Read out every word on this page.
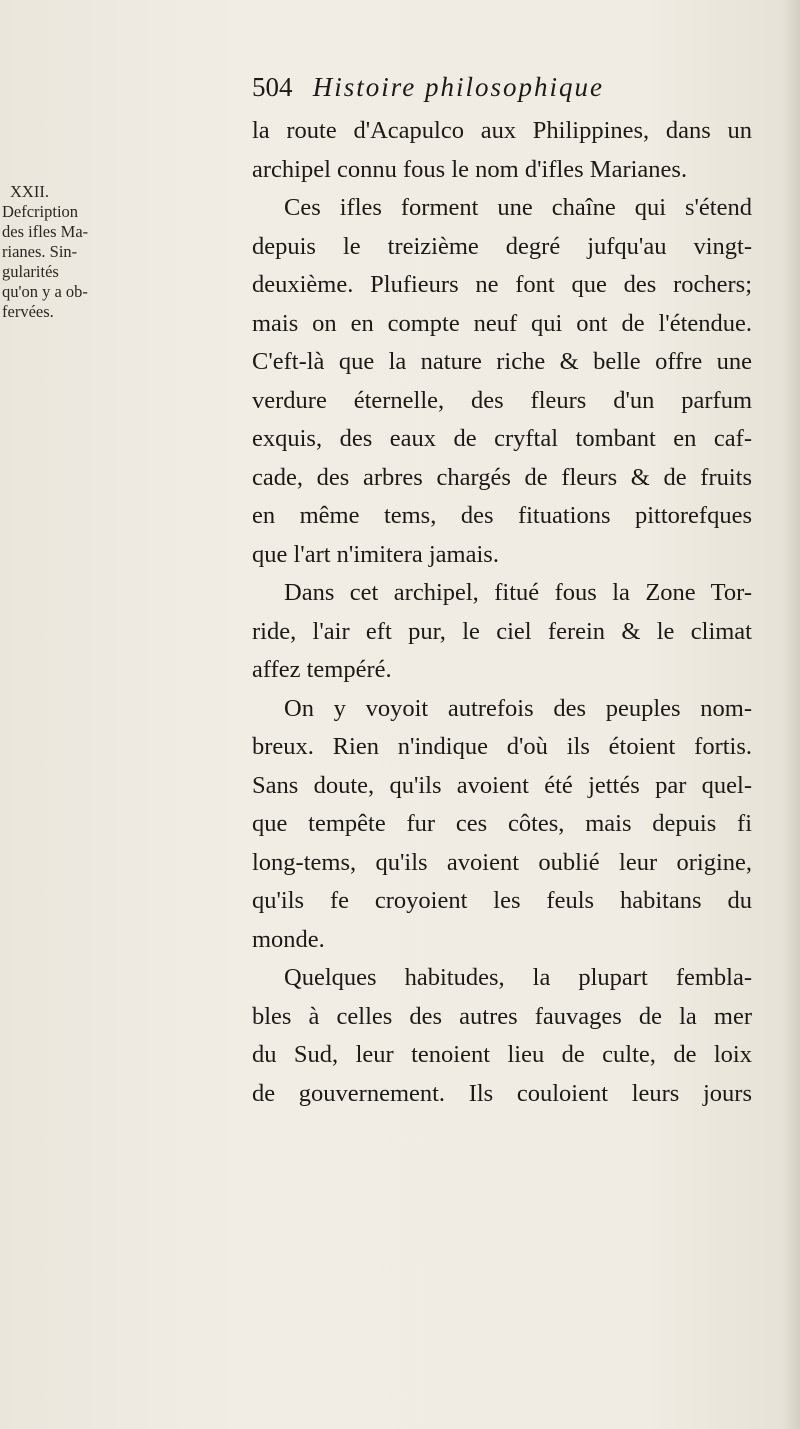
504 Histoire philosophique
XXII.
Defcription
des ifles Ma-
rianes. Sin-
gularités
qu'on y a ob-
fervées.
la route d'Acapulco aux Philippines, dans un
archipel connu fous le nom d'ifles Marianes.
Ces ifles forment une chaîne qui s'étend
depuis le treizième degré jufqu'au vingt-
deuxième. Plufieurs ne font que des rochers;
mais on en compte neuf qui ont de l'étendue.
C'eft-là que la nature riche & belle offre une
verdure éternelle, des fleurs d'un parfum
exquis, des eaux de cryftal tombant en caf-
cade, des arbres chargés de fleurs & de fruits
en même tems, des fituations pittorefques
que l'art n'imitera jamais.
Dans cet archipel, fitué fous la Zone Tor-
ride, l'air eft pur, le ciel ferein & le climat
affez tempéré.
On y voyoit autrefois des peuples nom-
breux. Rien n'indique d'où ils étoient fortis.
Sans doute, qu'ils avoient été jettés par quel-
que tempête fur ces côtes, mais depuis fi
long-tems, qu'ils avoient oublié leur origine,
qu'ils fe croyoient les feuls habitans du
monde.
Quelques habitudes, la plupart fembla-
bles à celles des autres fauvages de la mer
du Sud, leur tenoient lieu de culte, de loix
de gouvernement. Ils couloient leurs jours
